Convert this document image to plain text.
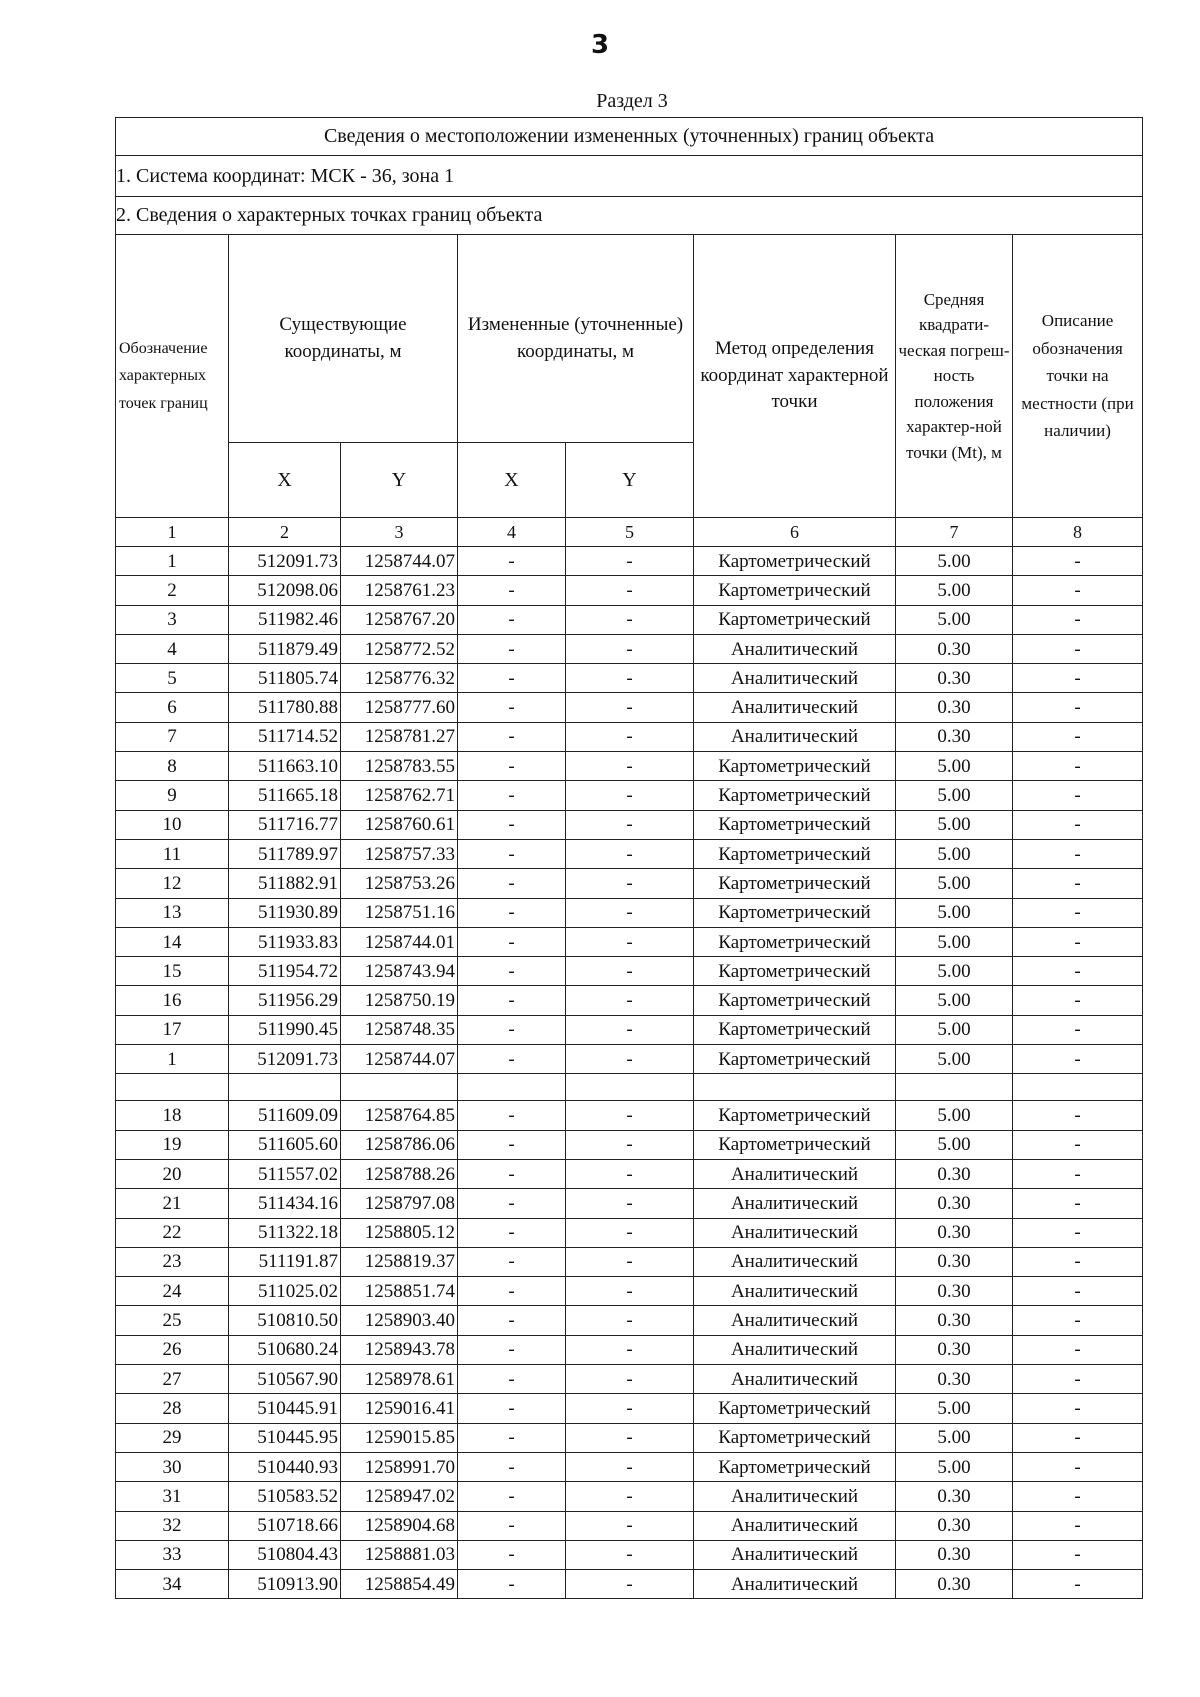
3
Раздел 3
Сведения о местоположении измененных (уточненных) границ объекта							
1. Система координат: МСК - 36, зона 1							
2. Сведения о характерных точках границ объекта							
Обозначение характерных точек границ	Существующие координаты, м		Измененные (уточненные) координаты, м		Метод определения координат характерной точки	Средняя квадрати-ческая погреш-ность положения характер-ной точки (Mt), м	Описание обозначения точки на местности (при наличии)
	X	Y	X	Y			
1	2	3	4	5	6	7	8
1	512091.73	1258744.07	-	-	Картометрический	5.00	-
2	512098.06	1258761.23	-	-	Картометрический	5.00	-
3	511982.46	1258767.20	-	-	Картометрический	5.00	-
4	511879.49	1258772.52	-	-	Аналитический	0.30	-
5	511805.74	1258776.32	-	-	Аналитический	0.30	-
6	511780.88	1258777.60	-	-	Аналитический	0.30	-
7	511714.52	1258781.27	-	-	Аналитический	0.30	-
8	511663.10	1258783.55	-	-	Картометрический	5.00	-
9	511665.18	1258762.71	-	-	Картометрический	5.00	-
10	511716.77	1258760.61	-	-	Картометрический	5.00	-
11	511789.97	1258757.33	-	-	Картометрический	5.00	-
12	511882.91	1258753.26	-	-	Картометрический	5.00	-
13	511930.89	1258751.16	-	-	Картометрический	5.00	-
14	511933.83	1258744.01	-	-	Картометрический	5.00	-
15	511954.72	1258743.94	-	-	Картометрический	5.00	-
16	511956.29	1258750.19	-	-	Картометрический	5.00	-
17	511990.45	1258748.35	-	-	Картометрический	5.00	-
1	512091.73	1258744.07	-	-	Картометрический	5.00	-

18	511609.09	1258764.85	-	-	Картометрический	5.00	-
19	511605.60	1258786.06	-	-	Картометрический	5.00	-
20	511557.02	1258788.26	-	-	Аналитический	0.30	-
21	511434.16	1258797.08	-	-	Аналитический	0.30	-
22	511322.18	1258805.12	-	-	Аналитический	0.30	-
23	511191.87	1258819.37	-	-	Аналитический	0.30	-
24	511025.02	1258851.74	-	-	Аналитический	0.30	-
25	510810.50	1258903.40	-	-	Аналитический	0.30	-
26	510680.24	1258943.78	-	-	Аналитический	0.30	-
27	510567.90	1258978.61	-	-	Аналитический	0.30	-
28	510445.91	1259016.41	-	-	Картометрический	5.00	-
29	510445.95	1259015.85	-	-	Картометрический	5.00	-
30	510440.93	1258991.70	-	-	Картометрический	5.00	-
31	510583.52	1258947.02	-	-	Аналитический	0.30	-
32	510718.66	1258904.68	-	-	Аналитический	0.30	-
33	510804.43	1258881.03	-	-	Аналитический	0.30	-
34	510913.90	1258854.49	-	-	Аналитический	0.30	-
